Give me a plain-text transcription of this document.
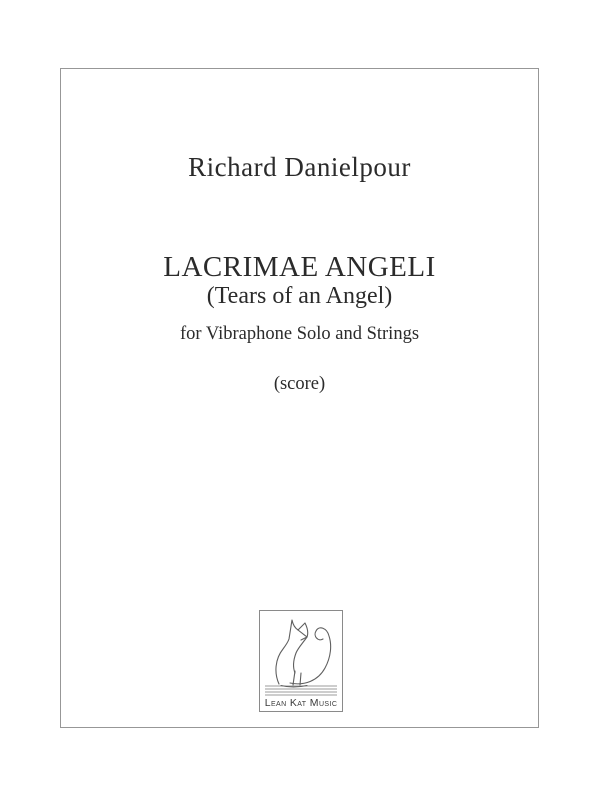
Richard Danielpour
LACRIMAE ANGELI
(Tears of an Angel)
for Vibraphone Solo and Strings
(score)
Lean Kat Music
